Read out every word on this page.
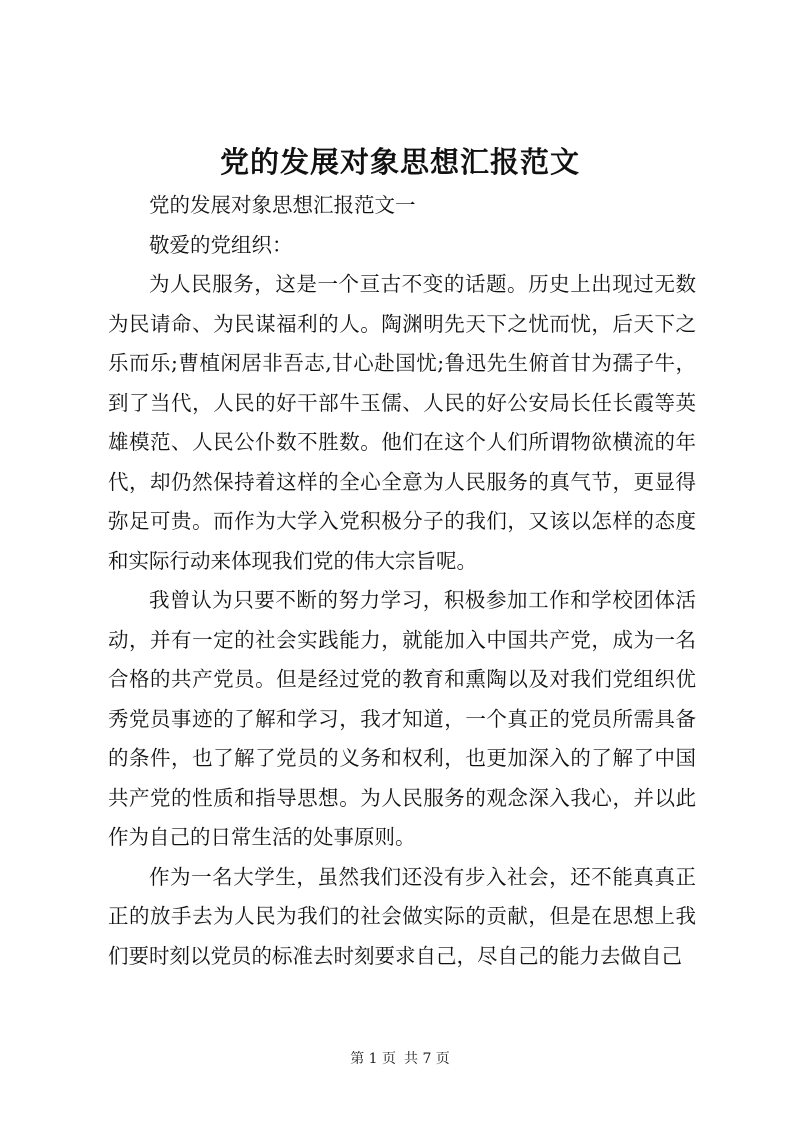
党的发展对象思想汇报范文

党的发展对象思想汇报范文一

敬爱的党组织：

为人民服务，这是一个亘古不变的话题。历史上出现过无数为民请命、为民谋福利的人。陶渊明先天下之忧而忧，后天下之乐而乐;曹植闲居非吾志,甘心赴国忧;鲁迅先生俯首甘为孺子牛，到了当代，人民的好干部牛玉儒、人民的好公安局长任长霞等英雄模范、人民公仆数不胜数。他们在这个人们所谓物欲横流的年代，却仍然保持着这样的全心全意为人民服务的真气节，更显得弥足可贵。而作为大学入党积极分子的我们，又该以怎样的态度和实际行动来体现我们党的伟大宗旨呢。

我曾认为只要不断的努力学习，积极参加工作和学校团体活动，并有一定的社会实践能力，就能加入中国共产党，成为一名合格的共产党员。但是经过党的教育和熏陶以及对我们党组织优秀党员事迹的了解和学习，我才知道，一个真正的党员所需具备的条件，也了解了党员的义务和权利，也更加深入的了解了中国共产党的性质和指导思想。为人民服务的观念深入我心，并以此作为自己的日常生活的处事原则。

作为一名大学生，虽然我们还没有步入社会，还不能真真正正的放手去为人民为我们的社会做实际的贡献，但是在思想上我们要时刻以党员的标准去时刻要求自己，尽自己的能力去做自己

第 1 页 共 7 页
